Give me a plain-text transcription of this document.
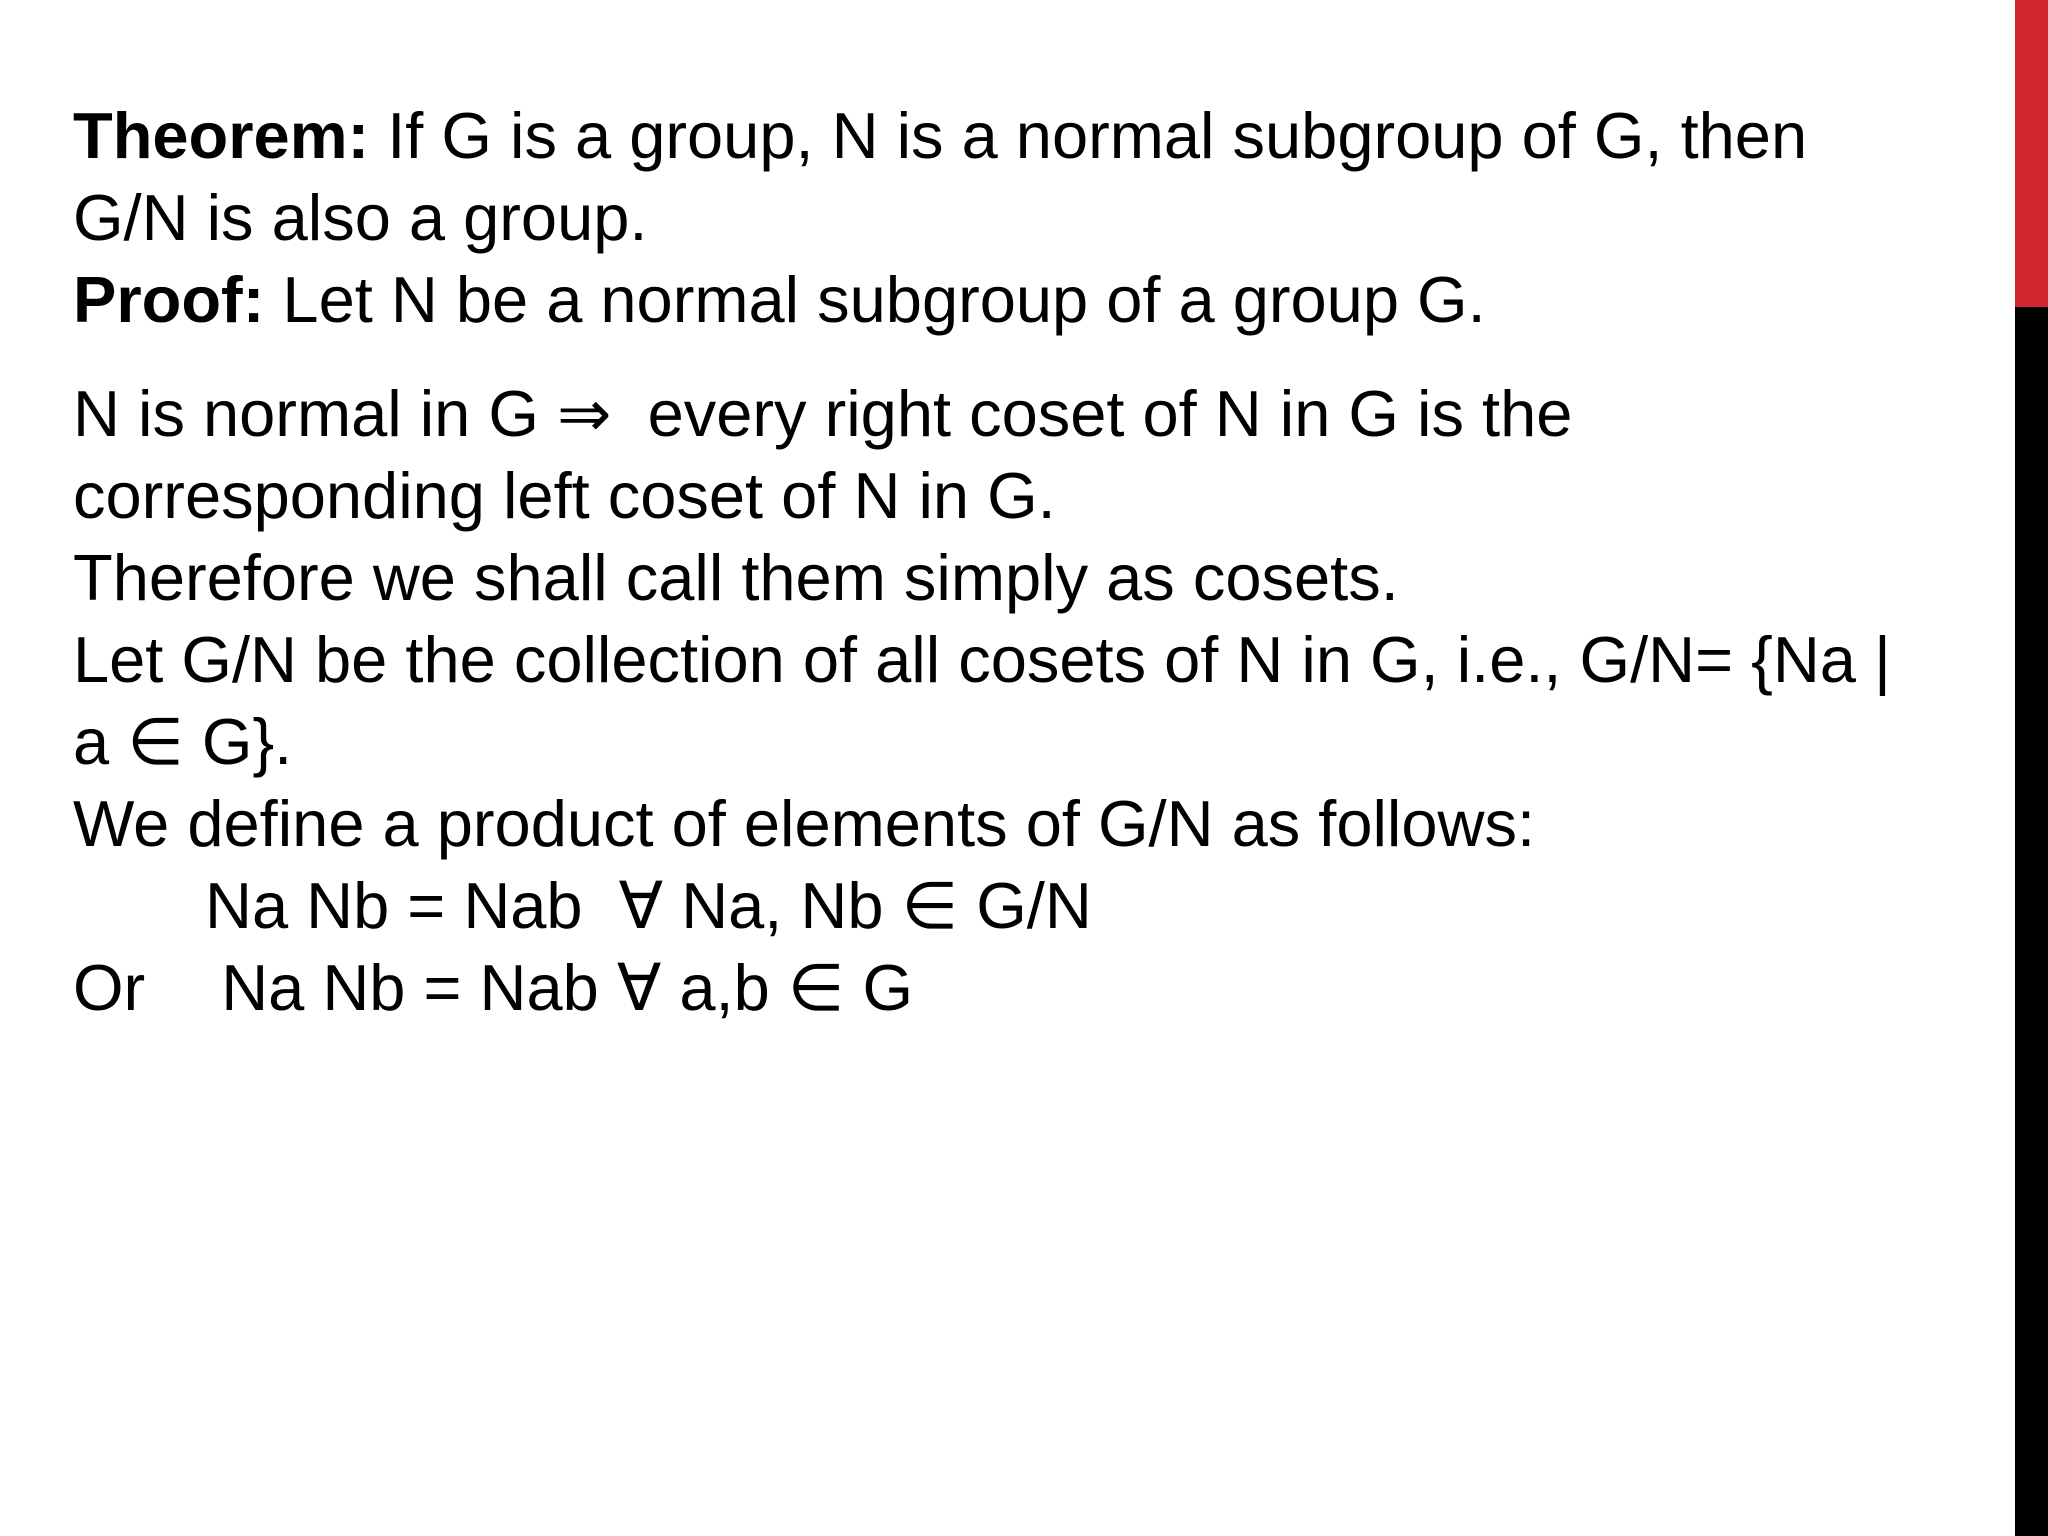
Theorem: If G is a group, N is a normal subgroup of G, then
G/N is also a group.
Proof: Let N be a normal subgroup of a group G.
N is normal in G ⇒  every right coset of N in G is the
corresponding left coset of N in G.
Therefore we shall call them simply as cosets.
Let G/N be the collection of all cosets of N in G, i.e., G/N= {Na |
a ∈ G}.
We define a product of elements of G/N as follows:
Na Nb = Nab  ∀ Na, Nb ∈ G/N
Or Na Nb = Nab ∀ a,b ∈ G
